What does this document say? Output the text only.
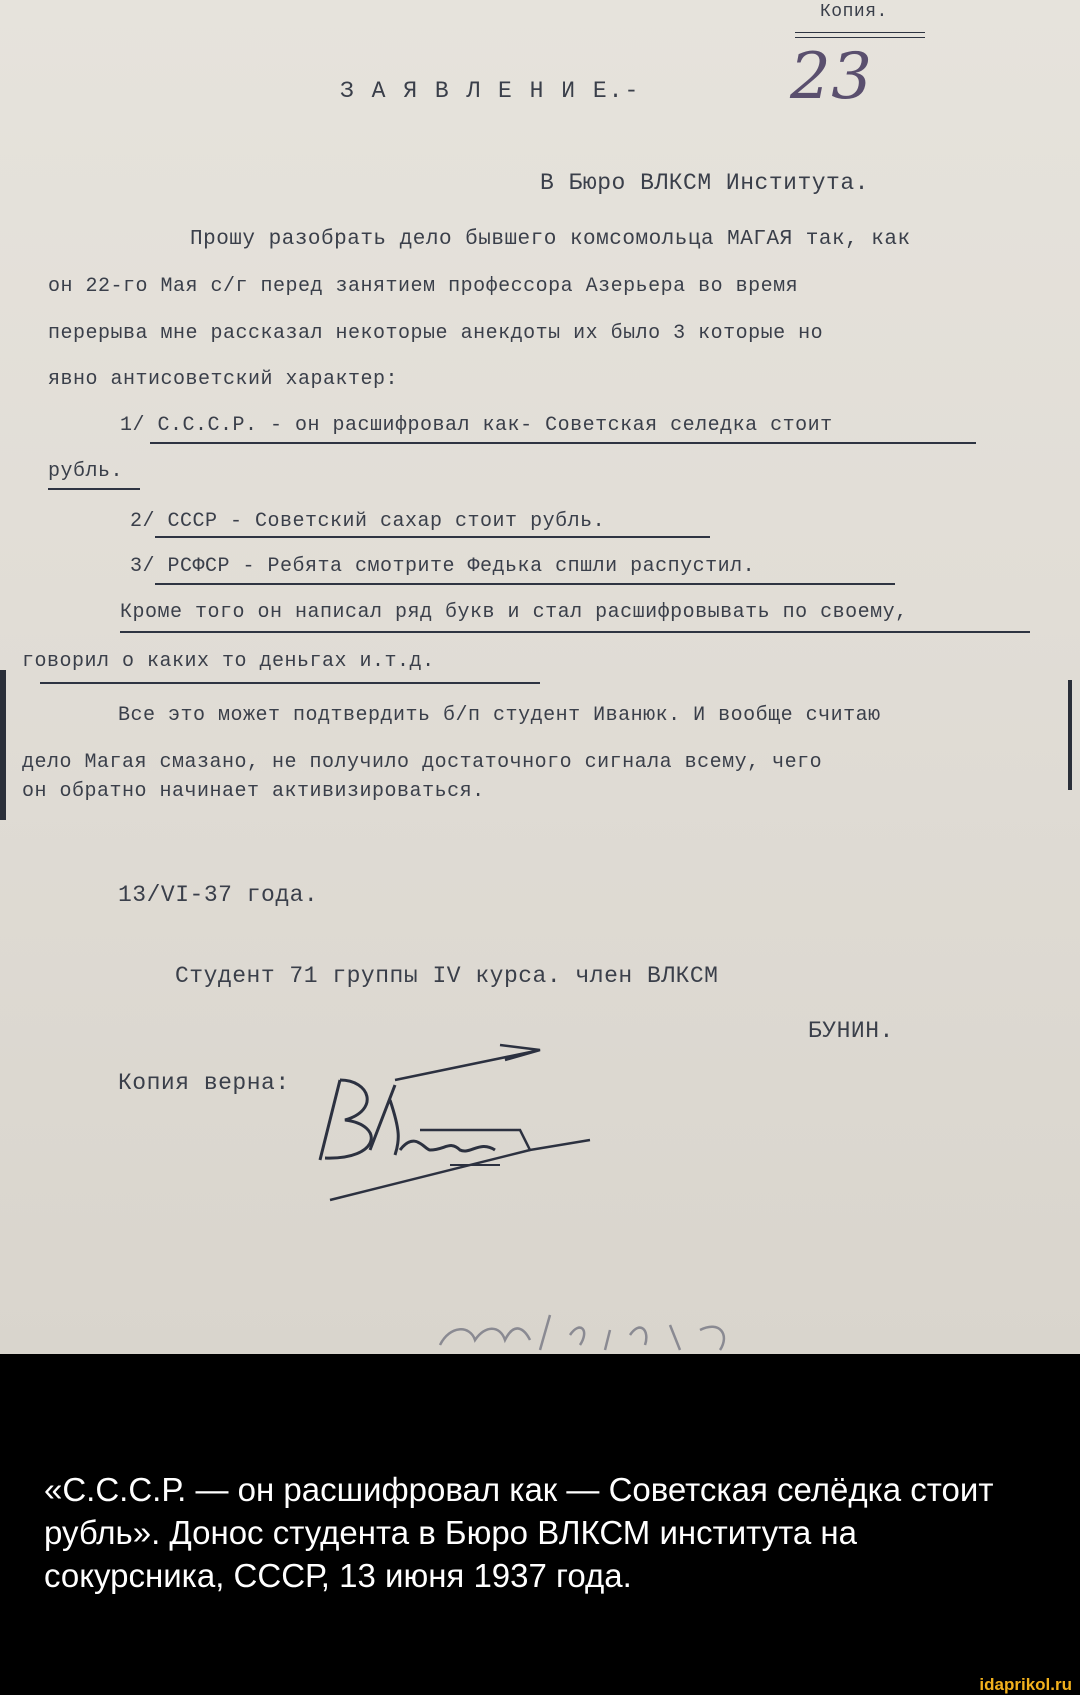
Копия.
З А Я В Л Е Н И Е.- 23
В Бюро ВЛКСМ Института.
Прошу разобрать дело бывшего комсомольца МАГАЯ так, как
он 22-го Мая с/г перед занятием профессора Азерьера во время
перерыва мне рассказал некоторые анекдоты их было 3 которые но
явно антисоветский характер:
1/ С.С.С.Р. - он расшифровал как- Советская селедка стоит
рубль.
2/ СССР - Советский сахар стоит рубль.
3/ РСФСР - Ребята смотрите Федька спшли распустил.
Кроме того он написал ряд букв и стал расшифровывать по своему,
говорил о каких то деньгах и.т.д.
Все это может подтвердить б/п студент Иванюк. И вообще считаю
дело Магая смазано, не получило достаточного сигнала всему, чего
он обратно начинает активизироваться.
13/VI-37 года.
Студент 71 группы IV курса. член ВЛКСМ
БУНИН.
Копия верна:
«С.С.С.Р. — он расшифровал как — Советская селёдка стоит рубль». Донос студента в Бюро ВЛКСМ института на сокурсника, СССР, 13 июня 1937 года.
idaprikol.ru
